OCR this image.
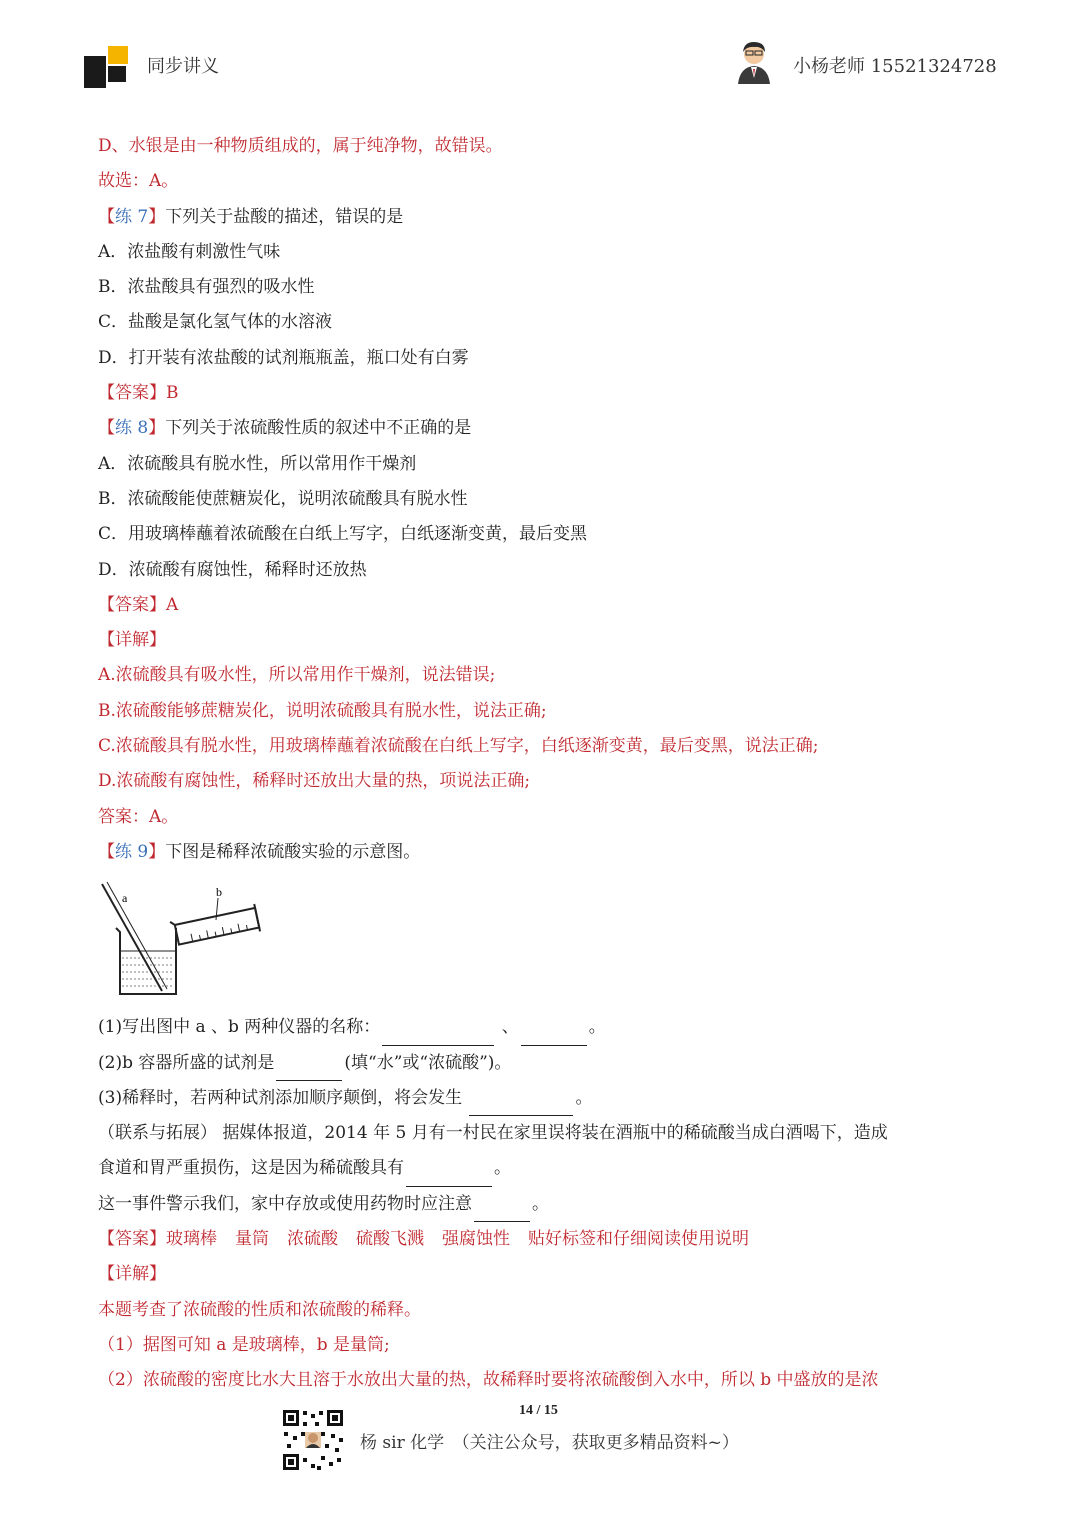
同步讲义	小杨老师 15521324728
D、水银是由一种物质组成的，属于纯净物，故错误。
故选：A。
【练 7】下列关于盐酸的描述，错误的是
A．浓盐酸有刺激性气味
B．浓盐酸具有强烈的吸水性
C．盐酸是氯化氢气体的水溶液
D．打开装有浓盐酸的试剂瓶瓶盖，瓶口处有白雾
【答案】B
【练 8】下列关于浓硫酸性质的叙述中不正确的是
A．浓硫酸具有脱水性，所以常用作干燥剂
B．浓硫酸能使蔗糖炭化，说明浓硫酸具有脱水性
C．用玻璃棒蘸着浓硫酸在白纸上写字，白纸逐渐变黄，最后变黑
D．浓硫酸有腐蚀性，稀释时还放热
【答案】A
【详解】
A.浓硫酸具有吸水性，所以常用作干燥剂，说法错误;
B.浓硫酸能够蔗糖炭化，说明浓硫酸具有脱水性，说法正确;
C.浓硫酸具有脱水性，用玻璃棒蘸着浓硫酸在白纸上写字，白纸逐渐变黄，最后变黑，说法正确;
D.浓硫酸有腐蚀性，稀释时还放出大量的热，项说法正确;
答案：A。
【练 9】下图是稀释浓硫酸实验的示意图。
a	b
(1)写出图中 a 、b 两种仪器的名称：	、	。
(2)b 容器所盛的试剂是	(填“水”或“浓硫酸”)。
(3)稀释时，若两种试剂添加顺序颠倒，将会发生	。
（联系与拓展） 据媒体报道，2014 年 5 月有一村民在家里误将装在酒瓶中的稀硫酸当成白酒喝下，造成
食道和胃严重损伤，这是因为稀硫酸具有	。
这一事件警示我们，家中存放或使用药物时应注意	。
【答案】玻璃棒 量筒 浓硫酸 硫酸飞溅 强腐蚀性 贴好标签和仔细阅读使用说明
【详解】
本题考查了浓硫酸的性质和浓硫酸的稀释。
（1）据图可知 a 是玻璃棒，b 是量筒;
（2）浓硫酸的密度比水大且溶于水放出大量的热，故稀释时要将浓硫酸倒入水中，所以 b 中盛放的是浓
14 / 15
杨 sir 化学　（关注公众号，获取更多精品资料~）
